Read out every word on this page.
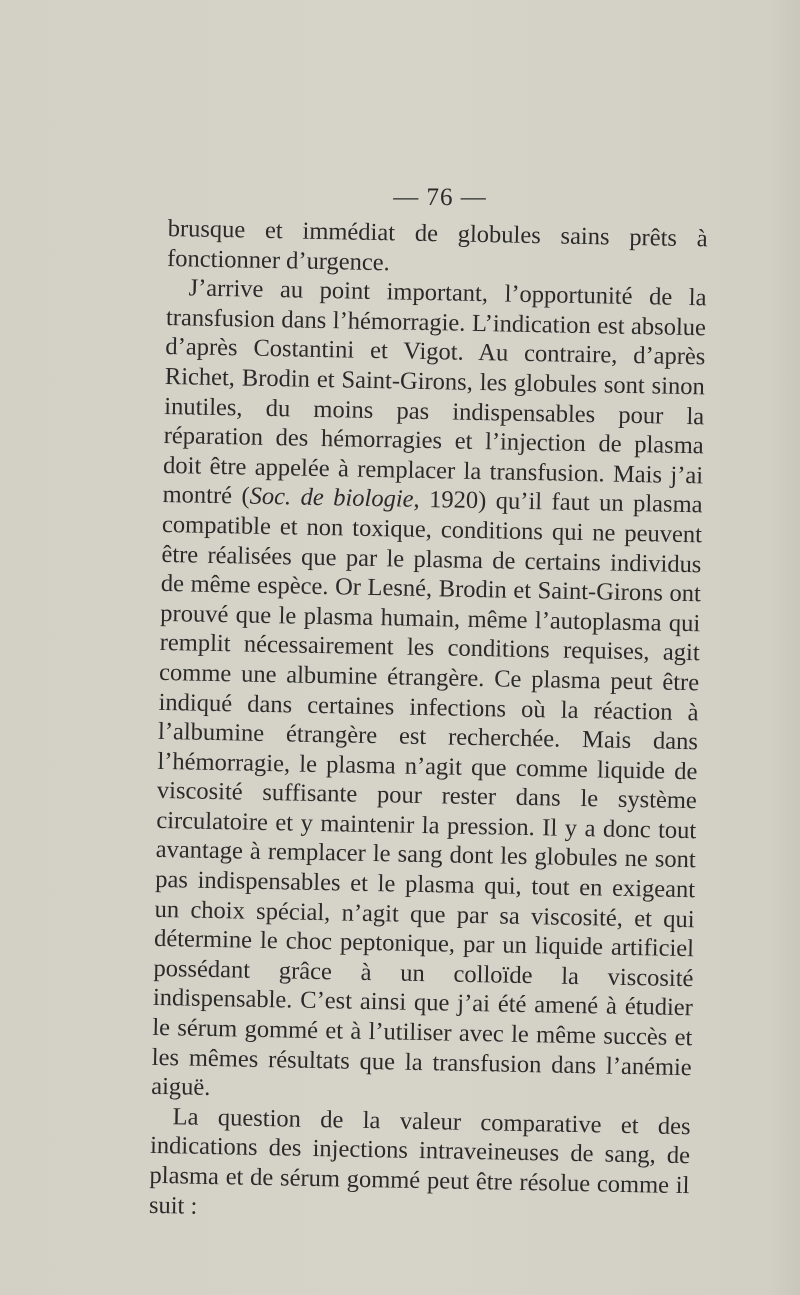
— 76 —

brusque et immédiat de globules sains prêts à fonctionner d’urgence.

J’arrive au point important, l’opportunité de la transfusion dans l’hémorragie. L’indication est absolue d’après Costantini et Vigot. Au contraire, d’après Richet, Brodin et Saint-Girons, les globules sont sinon inutiles, du moins pas indispensables pour la réparation des hémorragies et l’injection de plasma doit être appelée à remplacer la transfusion. Mais j’ai montré (Soc. de biologie, 1920) qu’il faut un plasma compatible et non toxique, conditions qui ne peuvent être réalisées que par le plasma de certains individus de même espèce. Or Lesné, Brodin et Saint-Girons ont prouvé que le plasma humain, même l’autoplasma qui remplit nécessairement les conditions requises, agit comme une albumine étrangère. Ce plasma peut être indiqué dans certaines infections où la réaction à l’albumine étrangère est recherchée. Mais dans l’hémorragie, le plasma n’agit que comme liquide de viscosité suffisante pour rester dans le système circulatoire et y maintenir la pression. Il y a donc tout avantage à remplacer le sang dont les globules ne sont pas indispensables et le plasma qui, tout en exigeant un choix spécial, n’agit que par sa viscosité, et qui détermine le choc peptonique, par un liquide artificiel possédant grâce à un colloïde la viscosité indispensable. C’est ainsi que j’ai été amené à étudier le sérum gommé et à l’utiliser avec le même succès et les mêmes résultats que la transfusion dans l’anémie aiguë.

La question de la valeur comparative et des indications des injections intraveineuses de sang, de plasma et de sérum gommé peut être résolue comme il suit :
